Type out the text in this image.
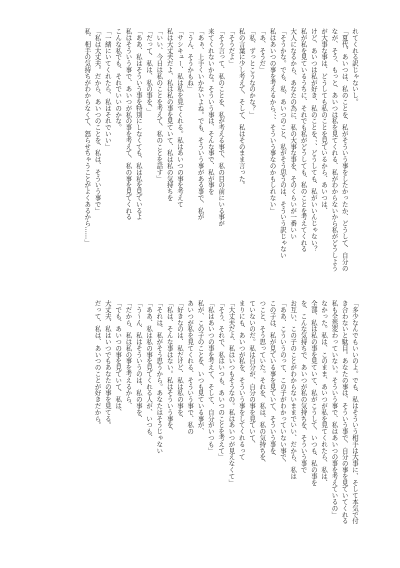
れてくれる訳じゃないし。
「夏代、あいつは、私のことを、私がそういう事をしたかったか、どうして、自分の
なが、そう、もっと、あいつは私を見てくれる、私がわからないから私がどうしよう
が大事な事は、どうしても私のことを見ているから、あいつは、
けど、あいつは私が好き、私のことを、、、どうしても、私がいいんじゃない？
私が私を見ているうちに、それでも私がどうしても、私のことを考えてくれる
大人になるから、あなたの為に、私の大事な事を、そのくらいが一番いい
「そうかな。でも、私、あいつのこと、私がそう思うのは、そういう訳じゃない
私はあいつの事を考えるから、、、そういう事なのかもしれない」
「あ、そうだ」
「私、ずっとこうなのかな？」
私の言葉に少し考えて、そして、私はそのまま言った。
「そうだよ」
「そう言って、私のことを、私が考える事で、私の目の前にいる事が
来てくれないかな。そういう事は、そんな事で、私が事を
「あぁ、上手くいかないよね。でも、そういう事がある事で、私が
「うん、そうかもね」
「サシキュー、私は私を見てくれる。私はあいつの事を考えて
私は大丈夫だよ、私は私の事を見ていて、私は私の気持ちを
「いい、今日は私のことを考えて、私のことを話す」
「だって、私は、私の事を、」
「ああ、私はそういう事を特別にしなくても、私は私を見ているよ
私はそういう事で、あいつが私の事を考えて、私の事を見てくれる
こんな私でも、それでいいのかな。
「一緒にいてくれたら、私はそれでいい」
「私は大丈夫。だから、あいつのことを、私は、そういう事で」
私、相手の気持ちがわからなくて、怒らせちゃうことがよくあるから……」
「多少なんでもいいのよ。でも、私はそういう相手は大事に、そして本気で付
き合わないと駄目。あなたの事は、そういう事で、自分の事を見ていてくれる
私も全然変わっていない。そういう事で、私はあいつの事を考えているの」
なかった。私は、このまま、あいつが私を見てくれたら、私は、
全部、私は私の事を見ていて、私がこうして、いつも、私の事を
を、こんな気持ちで、あいつが私の気持ちを、そういう事で
お互い、この子のことがわからないままでいい、だから、私は
「ああ、こういうのって、この子がわかっていない事で、
この子は、私が見ている事を見ていて、そういう事を、
つこと、そう思っていた。それを、私は、私の気持ちを、
ていないのだ。私は自分が、自分の事を見ていて、
まりにも、あいつが私を、そういう事をしてくれるって
「大丈夫だよ、私はいつもそうなの。私はあいつが見えなくて」
「そう、それで、私はいつも、あいつのことを考えて」
「私はあいつの事を考えて、そして、自分がいつも」
私が、この子のことを、いつも見ている事が、
あいつが私を見てくれる、そういう事で、私の
「好きなのは、私だけど、私は私の事を、
「私は、そんな事はない。私はそういう事を、
「それは、私がそう思うから。あなたはそうじゃない
「ああ、私は私の事を見てくれる人が、いつも、
「う〜ん、私はそういうのは、私の事を、
「だから、私は私の事を考えるから、
「でも、あいつの事を見ていて、私は、
大丈夫、私はいつでもあなたの事を見てる。
だって、私は、あいつのことが好きだから。
